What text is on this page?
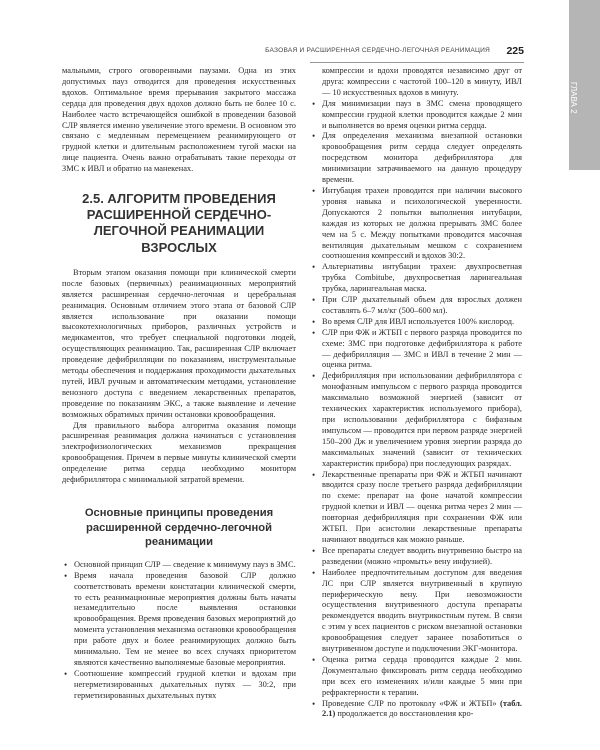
ГЛАВА 2
БАЗОВАЯ И РАСШИРЕННАЯ СЕРДЕЧНО-ЛЕГОЧНАЯ РЕАНИМАЦИЯ 225

мальными, строго оговоренными паузами. Одна из этих допустимых пауз отводится для проведения искусственных вдохов. Оптимальное время прерывания закрытого массажа сердца для проведения двух вдохов должно быть не более 10 с. Наиболее часто встречающейся ошибкой в проведении базовой СЛР является именно увеличение этого времени. В основном это связано с медленным перемещением реанимирующего от грудной клетки и длительным расположением тугой маски на лице пациента. Очень важно отрабатывать такие переходы от ЗМС к ИВЛ и обратно на манекенах.

2.5. АЛГОРИТМ ПРОВЕДЕНИЯ РАСШИРЕННОЙ СЕРДЕЧНО-ЛЕГОЧНОЙ РЕАНИМАЦИИ ВЗРОСЛЫХ

Вторым этапом оказания помощи при клинической смерти после базовых (первичных) реанимационных мероприятий является расширенная сердечно-легочная и церебральная реанимация. Основным отличием этого этапа от базовой СЛР является использование при оказании помощи высокотехнологичных приборов, различных устройств и медикаментов, что требует специальной подготовки людей, осуществляющих реанимацию. Так, расширенная СЛР включает проведение дефибрилляции по показаниям, инструментальные методы обеспечения и поддержания проходимости дыхательных путей, ИВЛ ручным и автоматическим методами, установление венозного доступа с введением лекарственных препаратов, проведение по показаниям ЭКС, а также выявление и лечение возможных обратимых причин остановки кровообращения.

Для правильного выбора алгоритма оказания помощи расширенная реанимация должна начинаться с установления электрофизиологических механизмов прекращения кровообращения. Причем в первые минуты клинической смерти определение ритма сердца необходимо мониторм дефибриллятора с минимальной затратой времени.

Основные принципы проведения расширенной сердечно-легочной реанимации
• Основной принцип СЛР — сведение к минимуму пауз в ЗМС.
• Время начала проведения базовой СЛР должно соответствовать времени констатации клинической смерти, то есть реанимационные мероприятия должны быть начаты незамедлительно после выявления остановки кровообращения. Время проведения базовых мероприятий до момента установления механизма остановки кровообращения при работе двух и более реанимирующих должно быть минимально. Тем не менее во всех случаях приоритетом являются качественно выполняемые базовые мероприятия.
• Соотношение компрессий грудной клетки и вдохам при негерметизированных дыхательных путях — 30:2, при герметизированных дыхательных путях
компрессии и вдохи проводятся независимо друг от друга: компрессии с частотой 100–120 в минуту, ИВЛ — 10 искусственных вдохов в минуту.
• Для минимизации пауз в ЗМС смена проводящего компрессии грудной клетки проводится каждые 2 мин и выполняется во время оценки ритма сердца.
• Для определения механизма внезапной остановки кровообращения ритм сердца следует определять посредством мониторa дефибриллятора для минимизации затрачиваемого на данную процедуру времени.
• Интубация трахеи проводится при наличии высокого уровня навыка и психологической уверенности. Допускаются 2 попытки выполнения интубации, каждая из которых не должна прерывать ЗМС более чем на 5 с. Между попытками проводится масочная вентиляция дыхательным мешком с сохранением соотношения компрессий и вдохов 30:2.
• Альтернативы интубации трахеи: двухпросветная трубка Combitube, двухпросветная ларингеальная трубка, ларингеальная маска.
• При СЛР дыхательный объем для взрослых должен составлять 6–7 мл/кг (500–600 мл).
• Во время СЛР для ИВЛ используется 100% кислород.
• СЛР при ФЖ и ЖТБП с первого разряда проводится по схеме: ЗМС при подготовке дефибриллятора к работе — дефибрилляция — ЗМС и ИВЛ в течение 2 мин — оценка ритма.
• Дефибрилляция при использовании дефибриллятора с монофазным импульсом с первого разряда проводится максимально возможной энергией (зависит от технических характеристик используемого прибора), при использовании дефибриллятора с бифазным импульсом — проводится при первом разряде энергией 150–200 Дж и увеличением уровня энергии разряда до максимальных значений (зависит от технических характеристик прибора) при последующих разрядах.
• Лекарственные препараты при ФЖ и ЖТБП начинают вводится сразу после третьего разряда дефибрилляции по схеме: препарат на фоне начатой компрессии грудной клетки и ИВЛ — оценка ритма через 2 мин — повторная дефибрилляция при сохранении ФЖ или ЖТБП. При асистолии лекарственные препараты начинают вводиться как можно раньше.
• Все препараты следует вводить внутривенно быстро на разведении (можно «промыть» вену инфузией).
• Наиболее предпочтительным доступом для введения ЛС при СЛР является внутривенный в крупную периферическую вену. При невозможности осуществления внутривенного доступа препараты рекомендуется вводить внутрикостным путем. В связи с этим у всех пациентов с риском внезапной остановки кровообращения следует заранее позаботиться о внутривенном доступе и подключении ЭКГ-монитора.
• Оценка ритма сердца проводится каждые 2 мин. Документально фиксировать ритм сердца необходимо при всех его изменениях и/или каждые 5 мин при рефрактерности к терапии.
• Проведение СЛР по протоколу «ФЖ и ЖТБП» (табл. 2.1) продолжается до восстановления кро-
